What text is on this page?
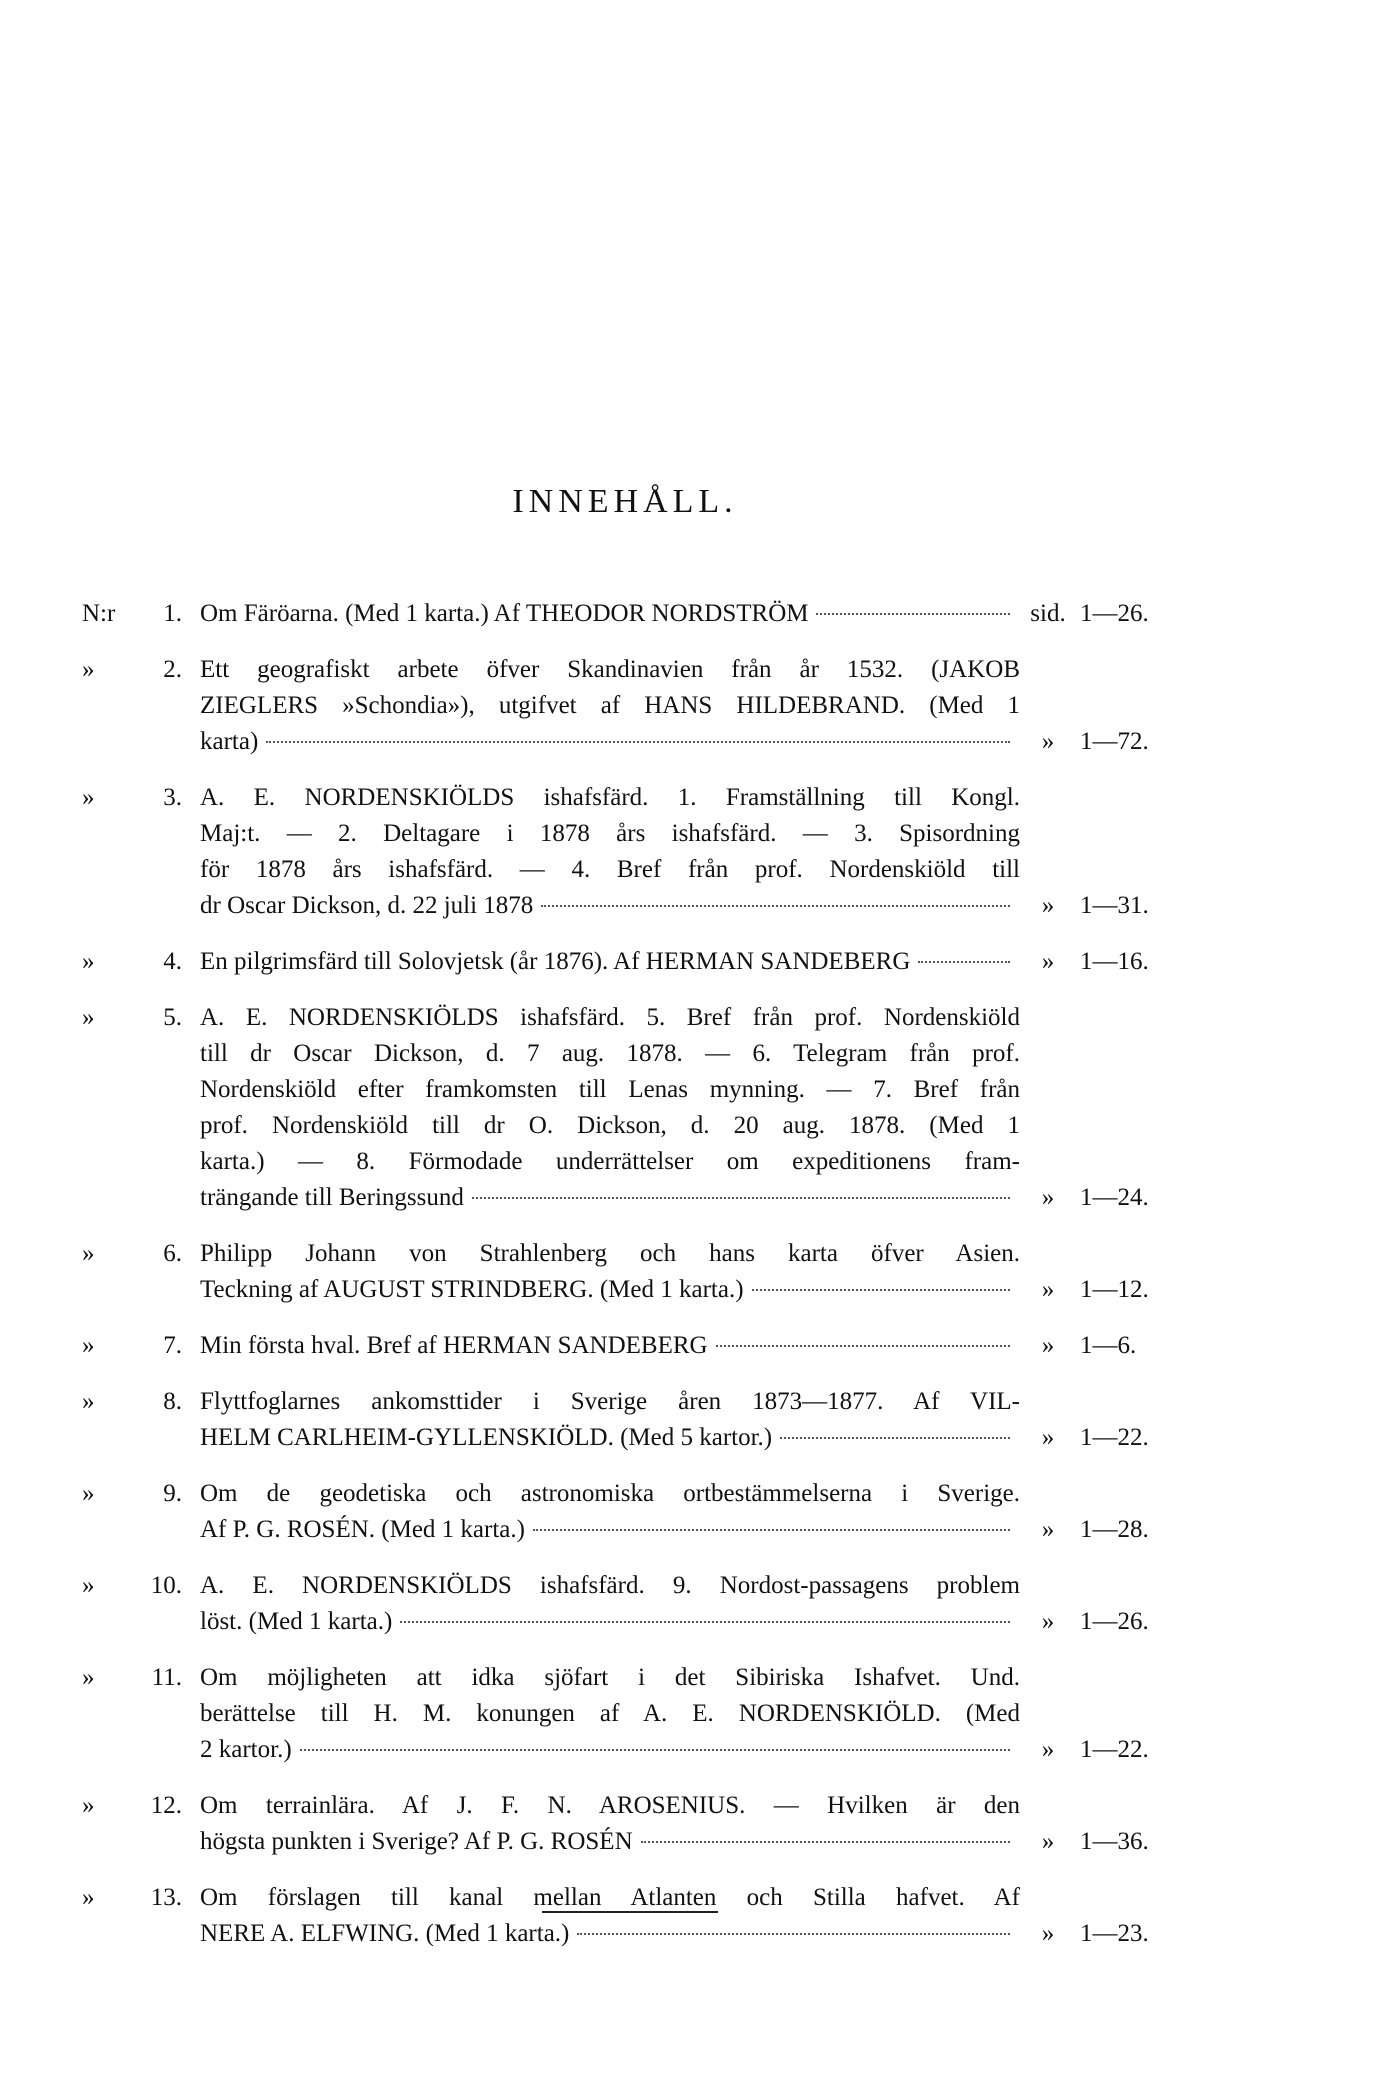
INNEHÅLL.
N:r	1. Om Färöarna. (Med 1 karta.) Af THEODOR NORDSTRÖM	sid. 1—26.
»	2. Ett geografiskt arbete öfver Skandinavien från år 1532. (JAKOB
ZIEGLERS »Schondia»), utgifvet af HANS HILDEBRAND. (Med 1
karta)	»	1—72.
»	3. A. E. NORDENSKIÖLDS ishafsfärd. 1. Framställning till Kongl.
Maj:t. — 2. Deltagare i 1878 års ishafsfärd. — 3. Spisordning
för 1878 års ishafsfärd. — 4. Bref från prof. Nordenskiöld till
dr Oscar Dickson, d. 22 juli 1878	»	1—31.
»	4. En pilgrimsfärd till Solovjetsk (år 1876). Af HERMAN SANDEBERG	»	1—16.
»	5. A. E. NORDENSKIÖLDS ishafsfärd. 5. Bref från prof. Nordenskiöld
till dr Oscar Dickson, d. 7 aug. 1878. — 6. Telegram från prof.
Nordenskiöld efter framkomsten till Lenas mynning. — 7. Bref från
prof. Nordenskiöld till dr O. Dickson, d. 20 aug. 1878. (Med 1
karta.) — 8. Förmodade underrättelser om expeditionens fram-
trängande till Beringssund	»	1—24.
»	6. Philipp Johann von Strahlenberg och hans karta öfver Asien.
Teckning af AUGUST STRINDBERG. (Med 1 karta.)	»	1—12.
»	7. Min första hval. Bref af HERMAN SANDEBERG	»	1—6.
»	8. Flyttfoglarnes ankomsttider i Sverige åren 1873—1877. Af VIL-
HELM CARLHEIM-GYLLENSKIÖLD. (Med 5 kartor.)	»	1—22.
»	9. Om de geodetiska och astronomiska ortbestämmelserna i Sverige.
Af P. G. ROSÉN. (Med 1 karta.)	»	1—28.
»	10. A. E. NORDENSKIÖLDS ishafsfärd. 9. Nordost-passagens problem
löst. (Med 1 karta.)	»	1—26.
»	11. Om möjligheten att idka sjöfart i det Sibiriska Ishafvet. Und.
berättelse till H. M. konungen af A. E. NORDENSKIÖLD. (Med
2 kartor.)	»	1—22.
»	12. Om terrainlära. Af J. F. N. AROSENIUS. — Hvilken är den
högsta punkten i Sverige? Af P. G. ROSÉN	»	1—36.
»	13. Om förslagen till kanal mellan Atlanten och Stilla hafvet. Af
NERE A. ELFWING. (Med 1 karta.)	»	1—23.
